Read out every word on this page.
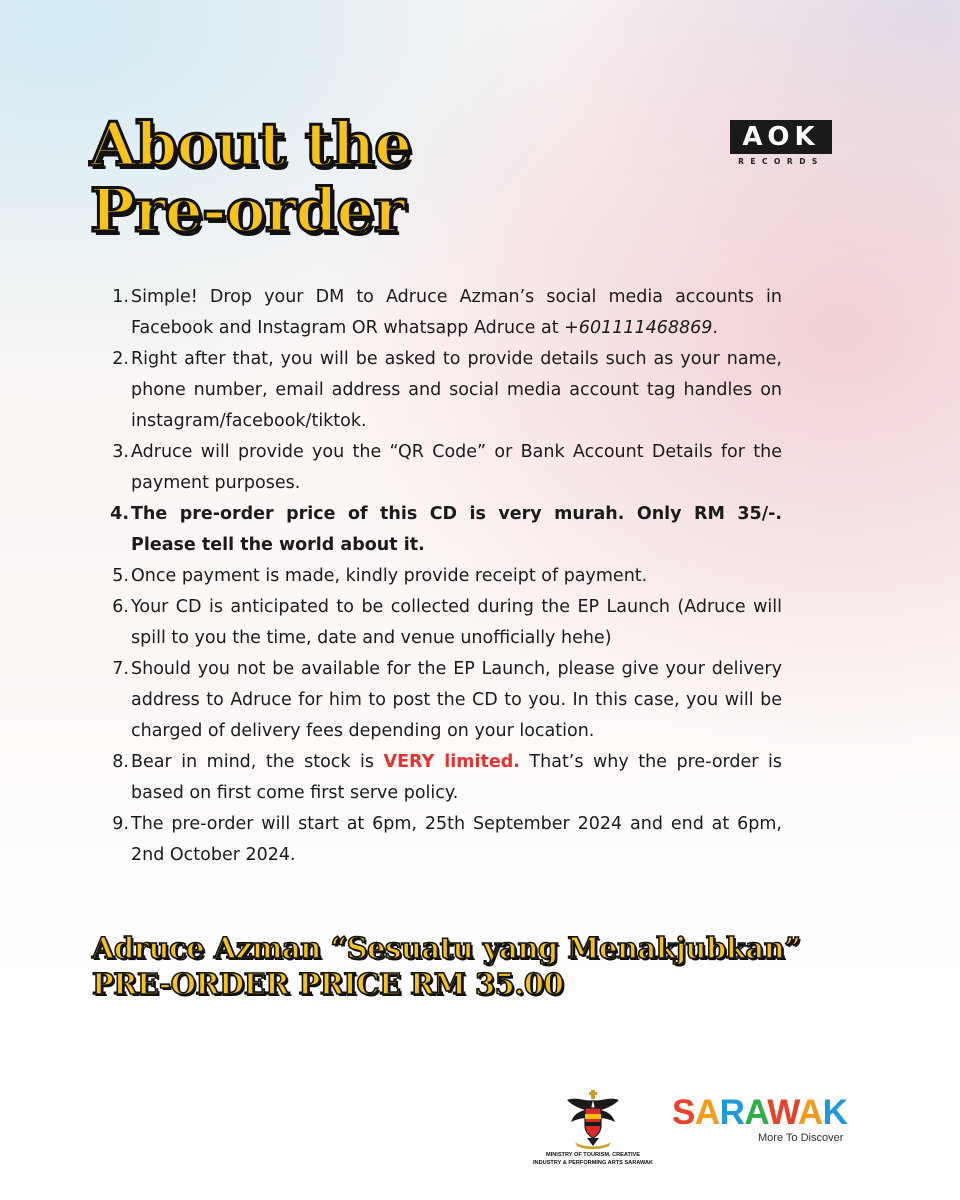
About the
Pre-order
AOK
RECORDS
1. Simple! Drop your DM to Adruce Azman’s social media accounts in Facebook and Instagram OR whatsapp Adruce at +601111468869.
2. Right after that, you will be asked to provide details such as your name, phone number, email address and social media account tag handles on instagram/facebook/tiktok.
3. Adruce will provide you the “QR Code” or Bank Account Details for the payment purposes.
4. The pre-order price of this CD is very murah. Only RM 35/-. Please tell the world about it.
5. Once payment is made, kindly provide receipt of payment.
6. Your CD is anticipated to be collected during the EP Launch (Adruce will spill to you the time, date and venue unofficially hehe)
7. Should you not be available for the EP Launch, please give your delivery address to Adruce for him to post the CD to you. In this case, you will be charged of delivery fees depending on your location.
8. Bear in mind, the stock is VERY limited. That’s why the pre-order is based on first come first serve policy.
9. The pre-order will start at 6pm, 25th September 2024 and end at 6pm, 2nd October 2024.
Adruce Azman “Sesuatu yang Menakjubkan”
PRE-ORDER PRICE RM 35.00
MINISTRY OF TOURISM, CREATIVE
INDUSTRY & PERFORMING ARTS SARAWAK
SARAWAK
More To Discover
